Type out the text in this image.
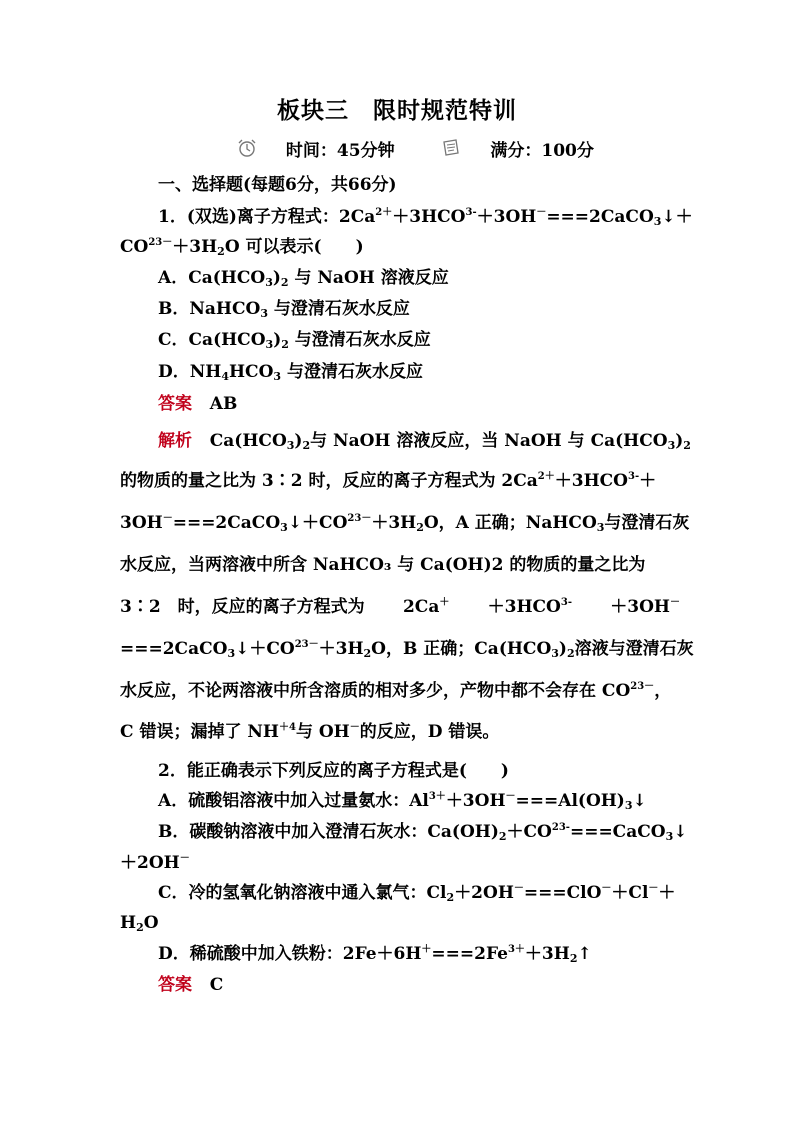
板块三　限时规范特训
时间：45分钟	满分：100分
一、选择题(每题6分，共66分)
1．(双选)离子方程式：$2Ca^{2+}+3HCO^{3-}+3OH^-===2CaCO_3↓+$
$CO^{23-}+3H_2O$ 可以表示(　　)
A．$Ca(HCO_3)_2$ 与 NaOH 溶液反应
B．NaHCO$_3$ 与澄清石灰水反应
C．$Ca(HCO_3)_2$ 与澄清石灰水反应
D．$NH_4HCO_3$ 与澄清石灰水反应
答案 AB
解析 $Ca(HCO_3)_2$与 NaOH 溶液反应，当 NaOH 与 $Ca(HCO_3)_2$
的物质的量之比为 3∶2 时，反应的离子方程式为 $2Ca^{2+}+3HCO^{3-}+$
$3OH^-===2CaCO_3↓+CO^{23-}+3H_2O$，A 正确；NaHCO$_3$与澄清石灰
水反应，当两溶液中所含 NaHCO₃ 与 Ca(OH)2 的物质的量之比为
3∶2　时，反应的离子方程式为 $2Ca^+ +3HCO^{3-} +3OH^-$
$===2CaCO_3↓+CO^{23-}+3H_2O$，B 正确；$Ca(HCO_3)_2$溶液与澄清石灰
水反应，不论两溶液中所含溶质的相对多少，产物中都不会存在 $CO^{23-}$，
C 错误；漏掉了 $NH^{+4}$与 OH－的反应，D 错误。
2．能正确表示下列反应的离子方程式是(　　)
A．硫酸铝溶液中加入过量氨水：$Al^{3+}+3OH^-===Al(OH)_3↓$
B．碳酸钠溶液中加入澄清石灰水：$Ca(OH)_2+CO^{23-}===CaCO_3↓$
＋2OH－
C．冷的氢氧化钠溶液中通入氯气：$Cl_2+2OH^-===ClO^-+Cl^-+$
$H_2O$
D．稀硫酸中加入铁粉：$2Fe+6H^+===2Fe^{3+}+3H_2↑$
答案 C
